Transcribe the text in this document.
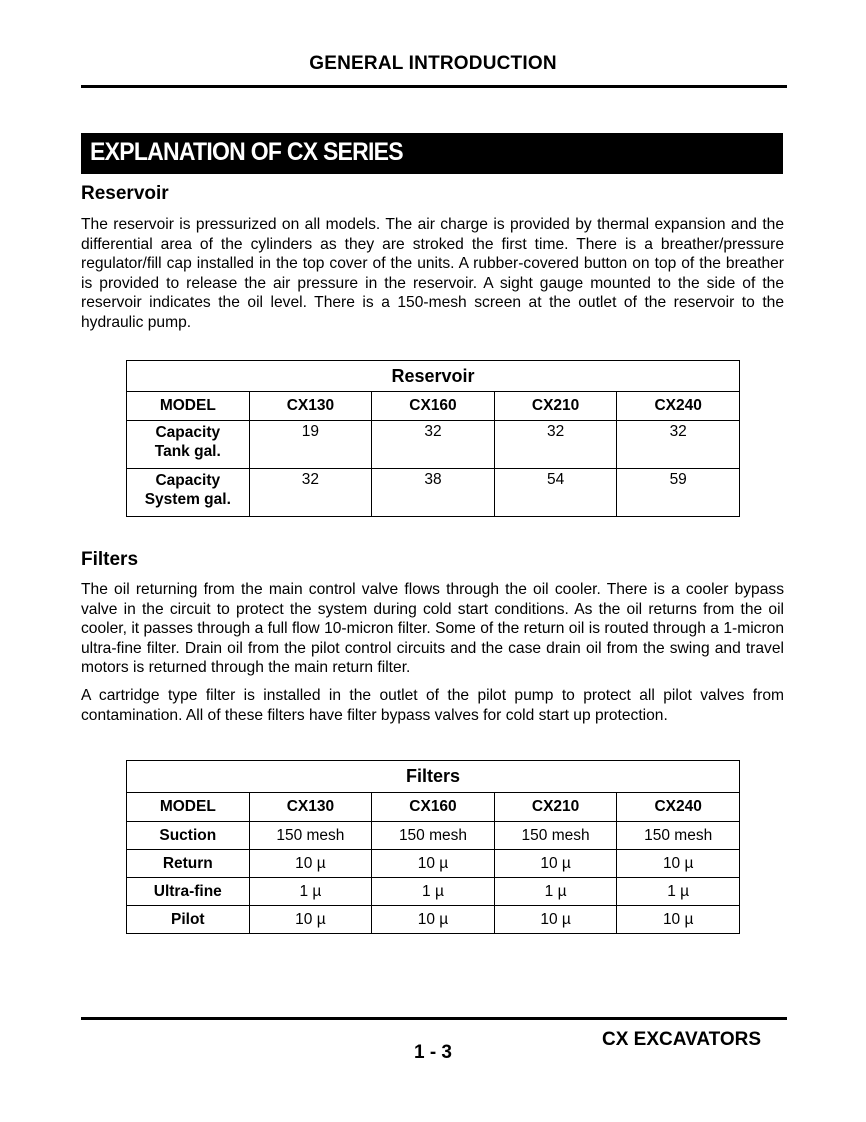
GENERAL INTRODUCTION
EXPLANATION OF CX SERIES
Reservoir

The reservoir is pressurized on all models. The air charge is provided by thermal expansion and the differential area of the cylinders as they are stroked the first time. There is a breather/pressure regulator/fill cap installed in the top cover of the units. A rubber-covered button on top of the breather is provided to release the air pressure in the reservoir. A sight gauge mounted to the side of the reservoir indicates the oil level. There is a 150-mesh screen at the outlet of the reservoir to the hydraulic pump.

Reservoir				
MODEL	CX130	CX160	CX210	CX240

Capacity
Tank gal.	19	32	32	32

Capacity
System gal.	32	38	54	59
Filters

The oil returning from the main control valve flows through the oil cooler. There is a cooler bypass valve in the circuit to protect the system during cold start conditions. As the oil returns from the oil cooler, it passes through a full flow 10-micron filter. Some of the return oil is routed through a 1-micron ultra-fine filter. Drain oil from the pilot control circuits and the case drain oil from the swing and travel motors is returned through the main return filter.

A cartridge type filter is installed in the outlet of the pilot pump to protect all pilot valves from contamination. All of these filters have filter bypass valves for cold start up protection.

Filters				
MODEL	CX130	CX160	CX210	CX240
Suction	150 mesh	150 mesh	150 mesh	150 mesh
Return	10 µ	10 µ	10 µ	10 µ
Ultra-fine	1 µ	1 µ	1 µ	1 µ
Pilot	10 µ	10 µ	10 µ	10 µ
CX EXCAVATORS
1 - 3
